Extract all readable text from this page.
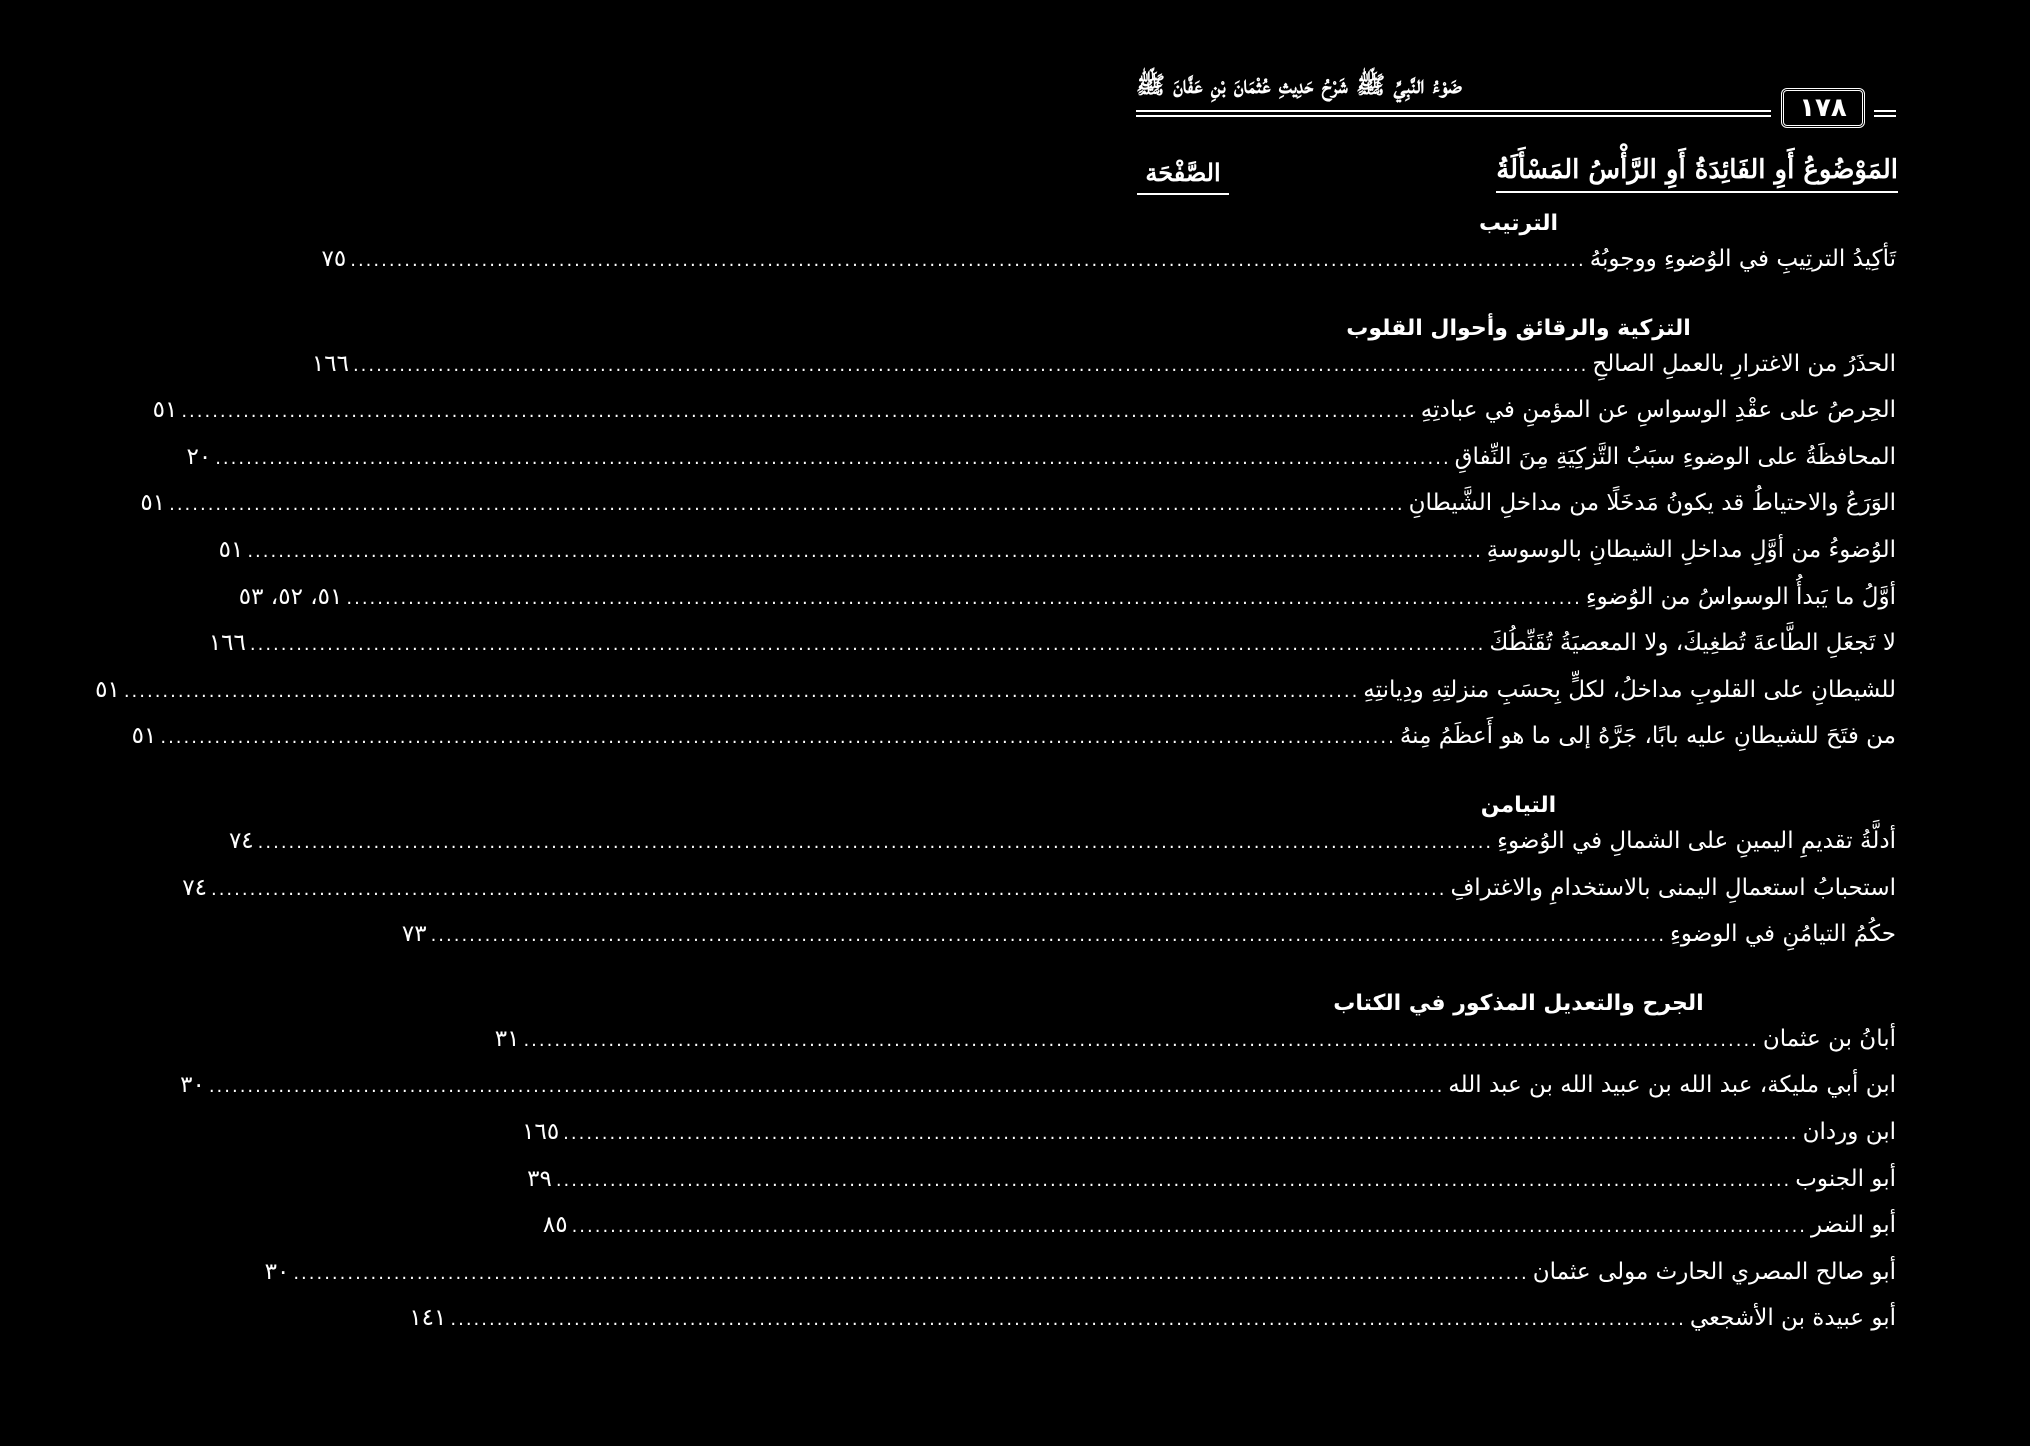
ضَوْءُ النَّبِيِّ ﷺ شَرْحُ حَدِيثِ عُثْمَانَ بْنِ عَفَّانَ ﷺ
١٧٨
المَوْضُوعُ أَوِ الفَائِدَةُ أَوِ الرَّأْسُ المَسْأَلَةُ
الصَّفْحَة
الترتيب
تَأكِيدُ الترتِيبِ في الوُضوءِ ووجوبُهُ
................................................................................................................................................................
٧٥
التزكية والرقائق وأحوال القلوب
الحذَرُ من الاغترارِ بالعملِ الصالحِ
................................................................................................................................................................
١٦٦
الحِرصُ على عقْدِ الوسواسِ عن المؤمنِ في عبادتِهِ
................................................................................................................................................................
٥١
المحافظَةُ على الوضوءِ سبَبُ التَّزكِيَةِ مِنَ النِّفاقِ
................................................................................................................................................................
٢٠
الوَرَعُ والاحتياطُ قد يكونُ مَدخَلًا من مداخلِ الشَّيطانِ
................................................................................................................................................................
٥١
الوُضوءُ من أوَّلِ مداخلِ الشيطانِ بالوسوسةِ
................................................................................................................................................................
٥١
أوَّلُ ما يَبدأُ الوسواسُ من الوُضوءِ
................................................................................................................................................................
٥١، ٥٢، ٥٣
لا تَجعَلِ الطَّاعةَ تُطغِيكَ، ولا المعصيَةُ تُقَنِّطُكَ
................................................................................................................................................................
١٦٦
للشيطانِ على القلوبِ مداخلُ، لكلٍّ بِحسَبِ منزلتِهِ ودِيانتِهِ
................................................................................................................................................................
٥١
من فتَحَ للشيطانِ عليه بابًا، جَرَّهُ إلى ما هو أَعظَمُ مِنهُ
................................................................................................................................................................
٥١
التيامن
أدلَّةُ تقديمِ اليمينِ على الشمالِ في الوُضوءِ
................................................................................................................................................................
٧٤
استحبابُ استعمالِ اليمنى بالاستخدامِ والاغترافِ
................................................................................................................................................................
٧٤
حكُمُ التيامُنِ في الوضوءِ
................................................................................................................................................................
٧٣
الجرح والتعديل المذكور في الكتاب
أبانُ بن عثمان
................................................................................................................................................................
٣١
ابن أبي مليكة، عبد الله بن عبيد الله بن عبد الله
................................................................................................................................................................
٣٠
ابن وردان
................................................................................................................................................................
١٦٥
أبو الجنوب
................................................................................................................................................................
٣٩
أبو النضر
................................................................................................................................................................
٨٥
أبو صالح المصري الحارث مولى عثمان
................................................................................................................................................................
٣٠
أبو عبيدة بن الأشجعي
................................................................................................................................................................
١٤١
